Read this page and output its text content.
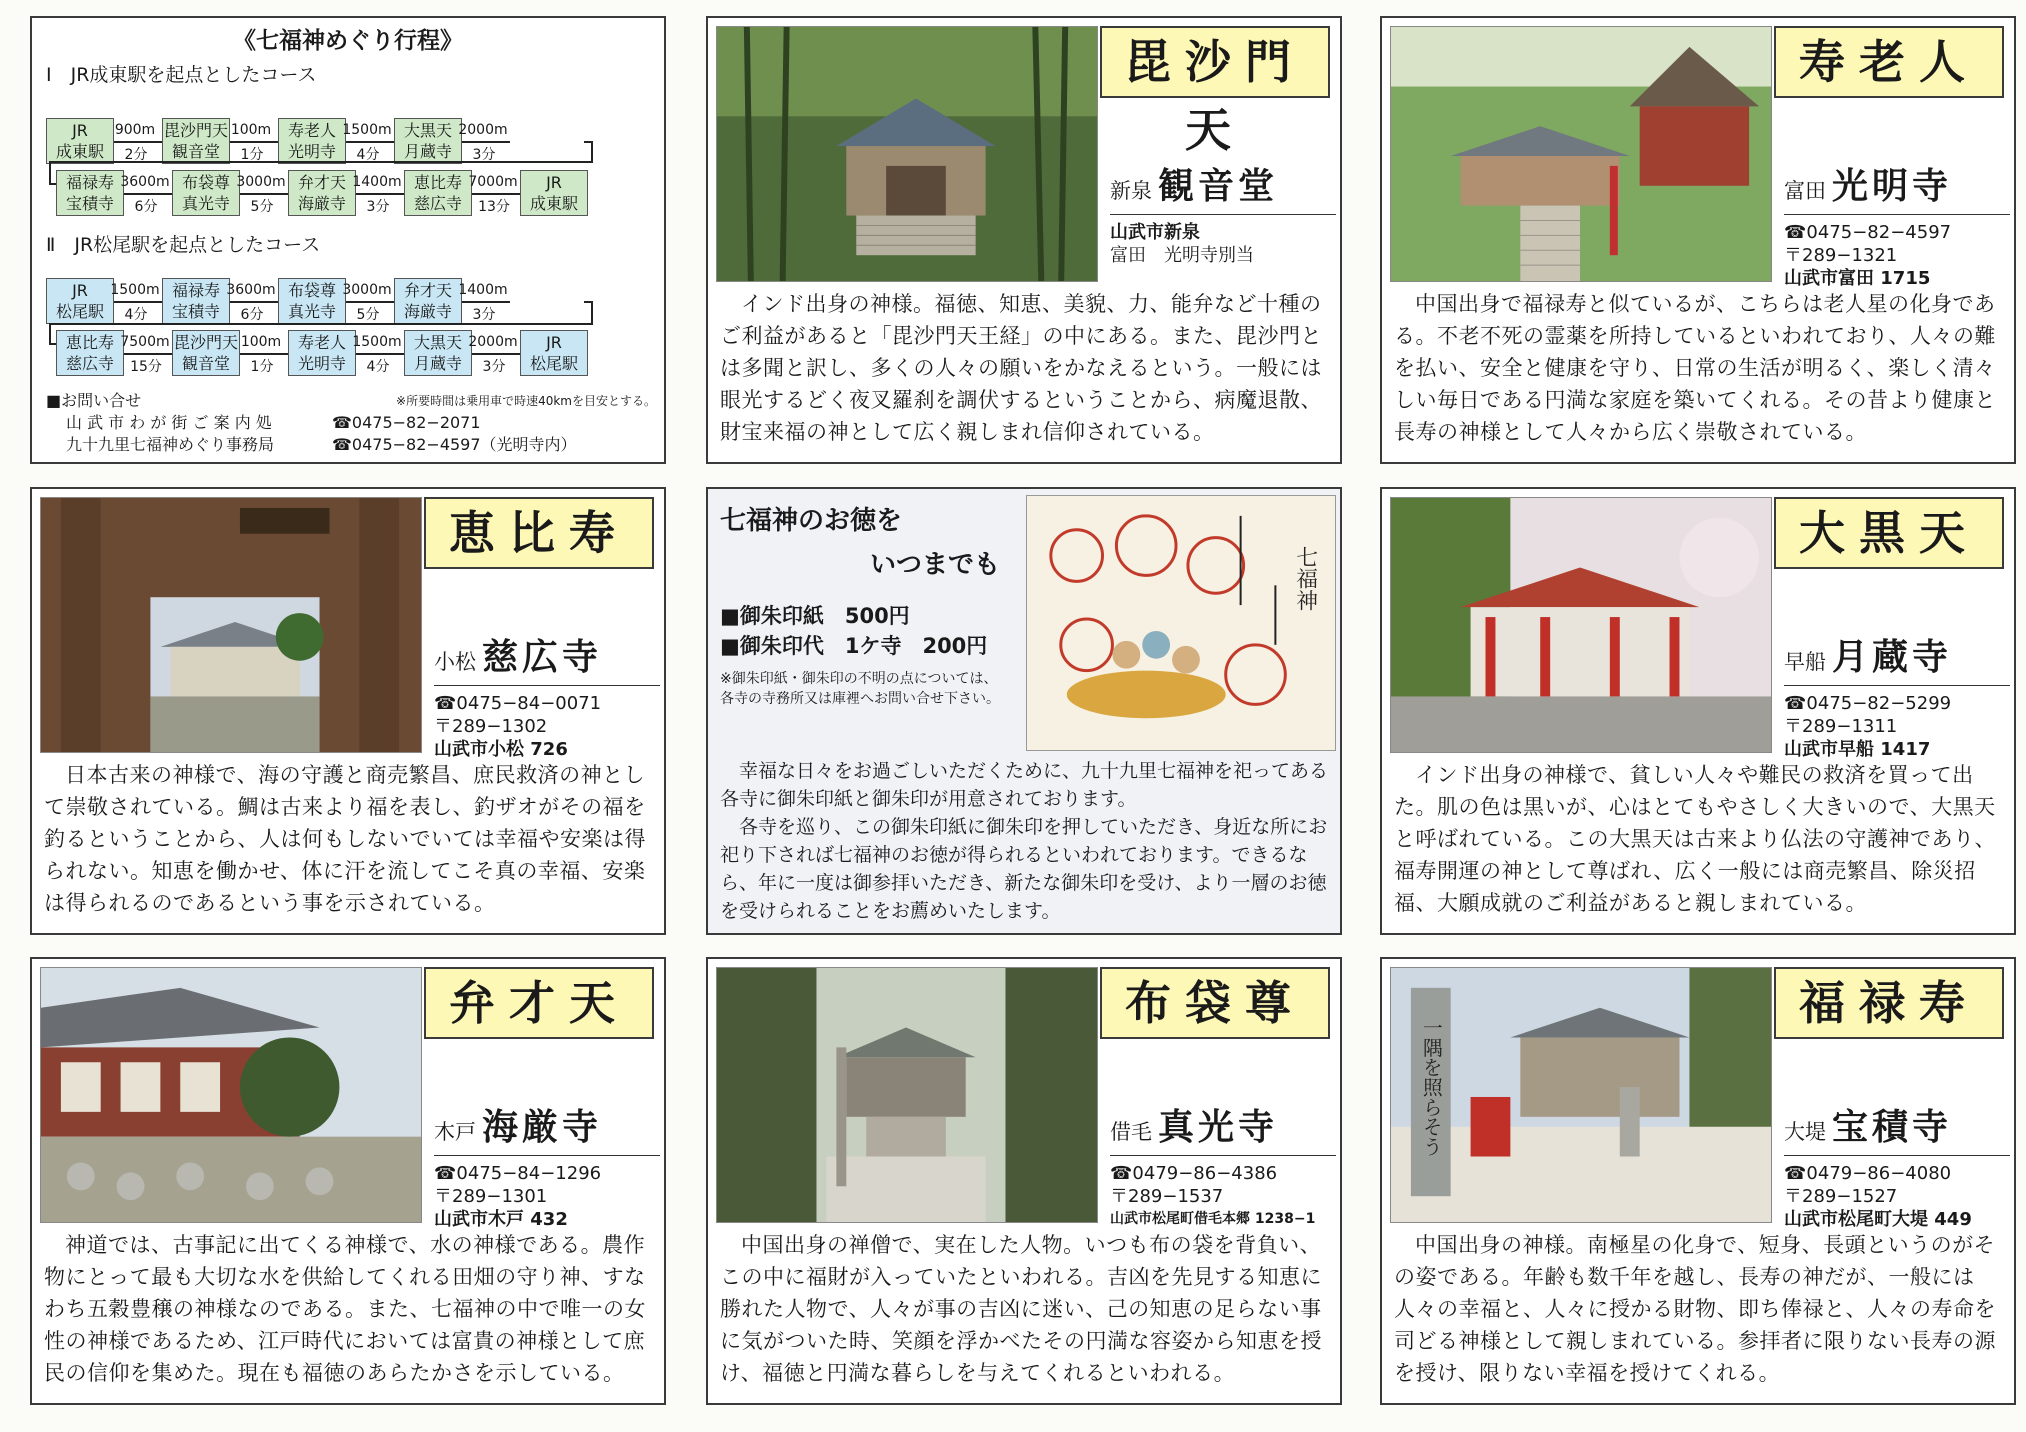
《七福神めぐり行程》
Ⅰ　JR成東駅を起点としたコース
JR
成東駅
900m
2分
毘沙門天
観音堂
100m
1分
寿老人
光明寺
1500m
4分
大黒天
月蔵寺
2000m
3分
福禄寿
宝積寺
3600m
6分
布袋尊
真光寺
3000m
5分
弁才天
海厳寺
1400m
3分
恵比寿
慈広寺
7000m
13分
JR
成東駅
Ⅱ　JR松尾駅を起点としたコース
JR
松尾駅
1500m
4分
福禄寿
宝積寺
3600m
6分
布袋尊
真光寺
3000m
5分
弁才天
海厳寺
1400m
3分
恵比寿
慈広寺
7500m
15分
毘沙門天
観音堂
100m
1分
寿老人
光明寺
1500m
4分
大黒天
月蔵寺
2000m
3分
JR
松尾駅
※所要時間は乗用車で時速40kmを目安とする。
■お問い合せ
山 武 市 わ が 街 ご 案 内 処	☎0475−82−2071
九十九里七福神めぐり事務局	☎0475−82−4597（光明寺内）
毘沙門天
新泉 観音堂
山武市新泉
富田　光明寺別当
インド出身の神様。福徳、知恵、美貌、力、能弁など十種のご利益があると「毘沙門天王経」の中にある。また、毘沙門とは多聞と訳し、多くの人々の願いをかなえるという。一般には眼光するどく夜叉羅刹を調伏するということから、病魔退散、財宝来福の神として広く親しまれ信仰されている。
寿老人
富田 光明寺
☎0475−82−4597
〒289−1321
山武市富田 1715
中国出身で福禄寿と似ているが、こちらは老人星の化身である。不老不死の霊薬を所持しているといわれており、人々の難を払い、安全と健康を守り、日常の生活が明るく、楽しく清々しい毎日である円満な家庭を築いてくれる。その昔より健康と長寿の神様として人々から広く崇敬されている。
恵比寿
小松 慈広寺
☎0475−84−0071
〒289−1302
山武市小松 726
日本古来の神様で、海の守護と商売繁昌、庶民救済の神として崇敬されている。鯛は古来より福を表し、釣ザオがその福を釣るということから、人は何もしないでいては幸福や安楽は得られない。知恵を働かせ、体に汗を流してこそ真の幸福、安楽は得られるのであるという事を示されている。
七福神のお徳を
いつまでも
■御朱印紙　500円
■御朱印代　1ケ寺　200円
※御朱印紙・御朱印の不明の点については、各寺の寺務所又は庫裡へお問い合せ下さい。
七福神
幸福な日々をお過ごしいただくために、九十九里七福神を祀ってある各寺に御朱印紙と御朱印が用意されております。
各寺を巡り、この御朱印紙に御朱印を押していただき、身近な所にお祀り下されば七福神のお徳が得られるといわれております。できるなら、年に一度は御参拝いただき、新たな御朱印を受け、より一層のお徳を受けられることをお薦めいたします。
大黒天
早船 月蔵寺
☎0475−82−5299
〒289−1311
山武市早船 1417
インド出身の神様で、貧しい人々や難民の救済を買って出た。肌の色は黒いが、心はとてもやさしく大きいので、大黒天と呼ばれている。この大黒天は古来より仏法の守護神であり、福寿開運の神として尊ばれ、広く一般には商売繁昌、除災招福、大願成就のご利益があると親しまれている。
弁才天
木戸 海厳寺
☎0475−84−1296
〒289−1301
山武市木戸 432
神道では、古事記に出てくる神様で、水の神様である。農作物にとって最も大切な水を供給してくれる田畑の守り神、すなわち五穀豊穣の神様なのである。また、七福神の中で唯一の女性の神様であるため、江戸時代においては富貴の神様として庶民の信仰を集めた。現在も福徳のあらたかさを示している。
布袋尊
借毛 真光寺
☎0479−86−4386
〒289−1537
山武市松尾町借毛本郷 1238−1
中国出身の禅僧で、実在した人物。いつも布の袋を背負い、この中に福財が入っていたといわれる。吉凶を先見する知恵に勝れた人物で、人々が事の吉凶に迷い、己の知恵の足らない事に気がついた時、笑顔を浮かべたその円満な容姿から知恵を授け、福徳と円満な暮らしを与えてくれるといわれる。
一隅を照らそう
福禄寿
大堤 宝積寺
☎0479−86−4080
〒289−1527
山武市松尾町大堤 449
中国出身の神様。南極星の化身で、短身、長頭というのがその姿である。年齢も数千年を越し、長寿の神だが、一般には人々の幸福と、人々に授かる財物、即ち俸禄と、人々の寿命を司どる神様として親しまれている。参拝者に限りない長寿の源を授け、限りない幸福を授けてくれる。
